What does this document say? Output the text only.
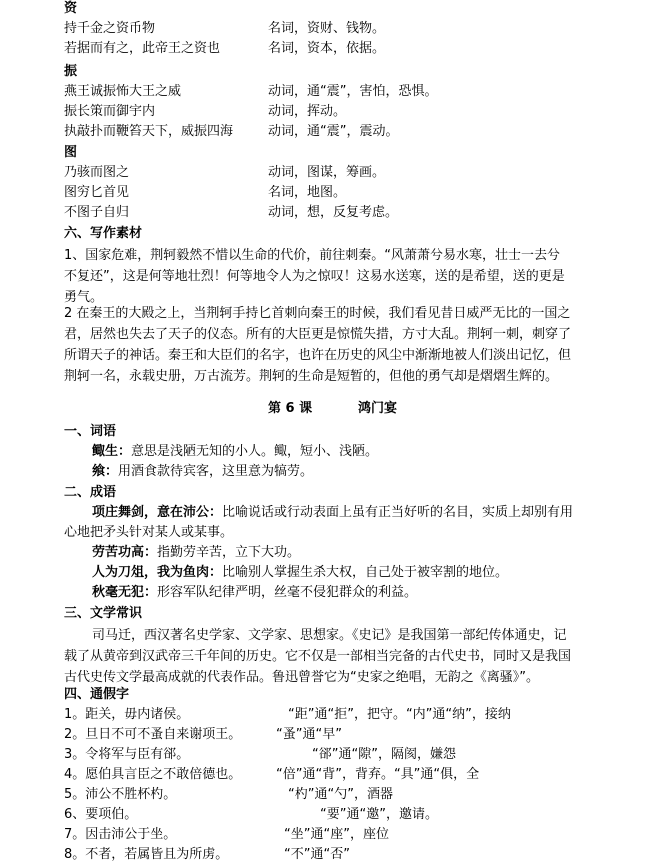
资
持千金之资币物	名词，资财、钱物。
若据而有之，此帝王之资也	名词，资本，依据。
振
燕王诚振怖大王之威	动词，通“震”，害怕，恐惧。
振长策而御宇内	动词，挥动。
执敲扑而鞭笞天下，威振四海	动词，通“震”，震动。
图
乃骇而图之	动词，图谋，筹画。
图穷匕首见	名词，地图。
不图子自归	动词，想，反复考虑。
六、写作素材
1、国家危难，荆轲毅然不惜以生命的代价，前往刺秦。“风萧萧兮易水寒，壮士一去兮
不复还”，这是何等地壮烈！何等地令人为之惊叹！这易水送寒，送的是希望，送的更是
勇气。
2 在秦王的大殿之上，当荆轲手持匕首刺向秦王的时候，我们看见昔日威严无比的一国之
君，居然也失去了天子的仪态。所有的大臣更是惊慌失措，方寸大乱。荆轲一刺，刺穿了
所谓天子的神话。秦王和大臣们的名字，也许在历史的风尘中渐渐地被人们淡出记忆，但
荆轲一名，永载史册，万古流芳。荆轲的生命是短暂的，但他的勇气却是熠熠生辉的。
第 6 课	鸿门宴
一、词语
鲰生：意思是浅陋无知的小人。鲰，短小、浅陋。
飨：用酒食款待宾客，这里意为犒劳。
二、成语
项庄舞剑，意在沛公：比喻说话或行动表面上虽有正当好听的名目，实质上却别有用
心地把矛头针对某人或某事。
劳苦功高：指勤劳辛苦，立下大功。
人为刀俎，我为鱼肉：比喻别人掌握生杀大权，自己处于被宰割的地位。
秋毫无犯：形容军队纪律严明，丝毫不侵犯群众的利益。
三、文学常识
司马迁，西汉著名史学家、文学家、思想家。《史记》是我国第一部纪传体通史，记
载了从黄帝到汉武帝三千年间的历史。它不仅是一部相当完备的古代史书，同时又是我国
古代史传文学最高成就的代表作品。鲁迅曾誉它为“史家之绝唱，无韵之《离骚》”。
四、通假字
1。距关，毋内诸侯。	“距”通“拒”，把守。“内”通“纳”，接纳
2。旦日不可不蚤自来谢项王。	“蚤”通“早”
3。令将军与臣有郤。	“郤”通“隙”，隔阂，嫌怨
4。愿伯具言臣之不敢倍德也。	“倍”通“背”，背弃。“具”通“俱，全
5。沛公不胜杯杓。	“杓”通“勺”，酒器
6、要项伯。	“要”通“邀”，邀请。
7。因击沛公于坐。	“坐”通“座”，座位
8。不者，若属皆且为所虏。	“不”通“否”
